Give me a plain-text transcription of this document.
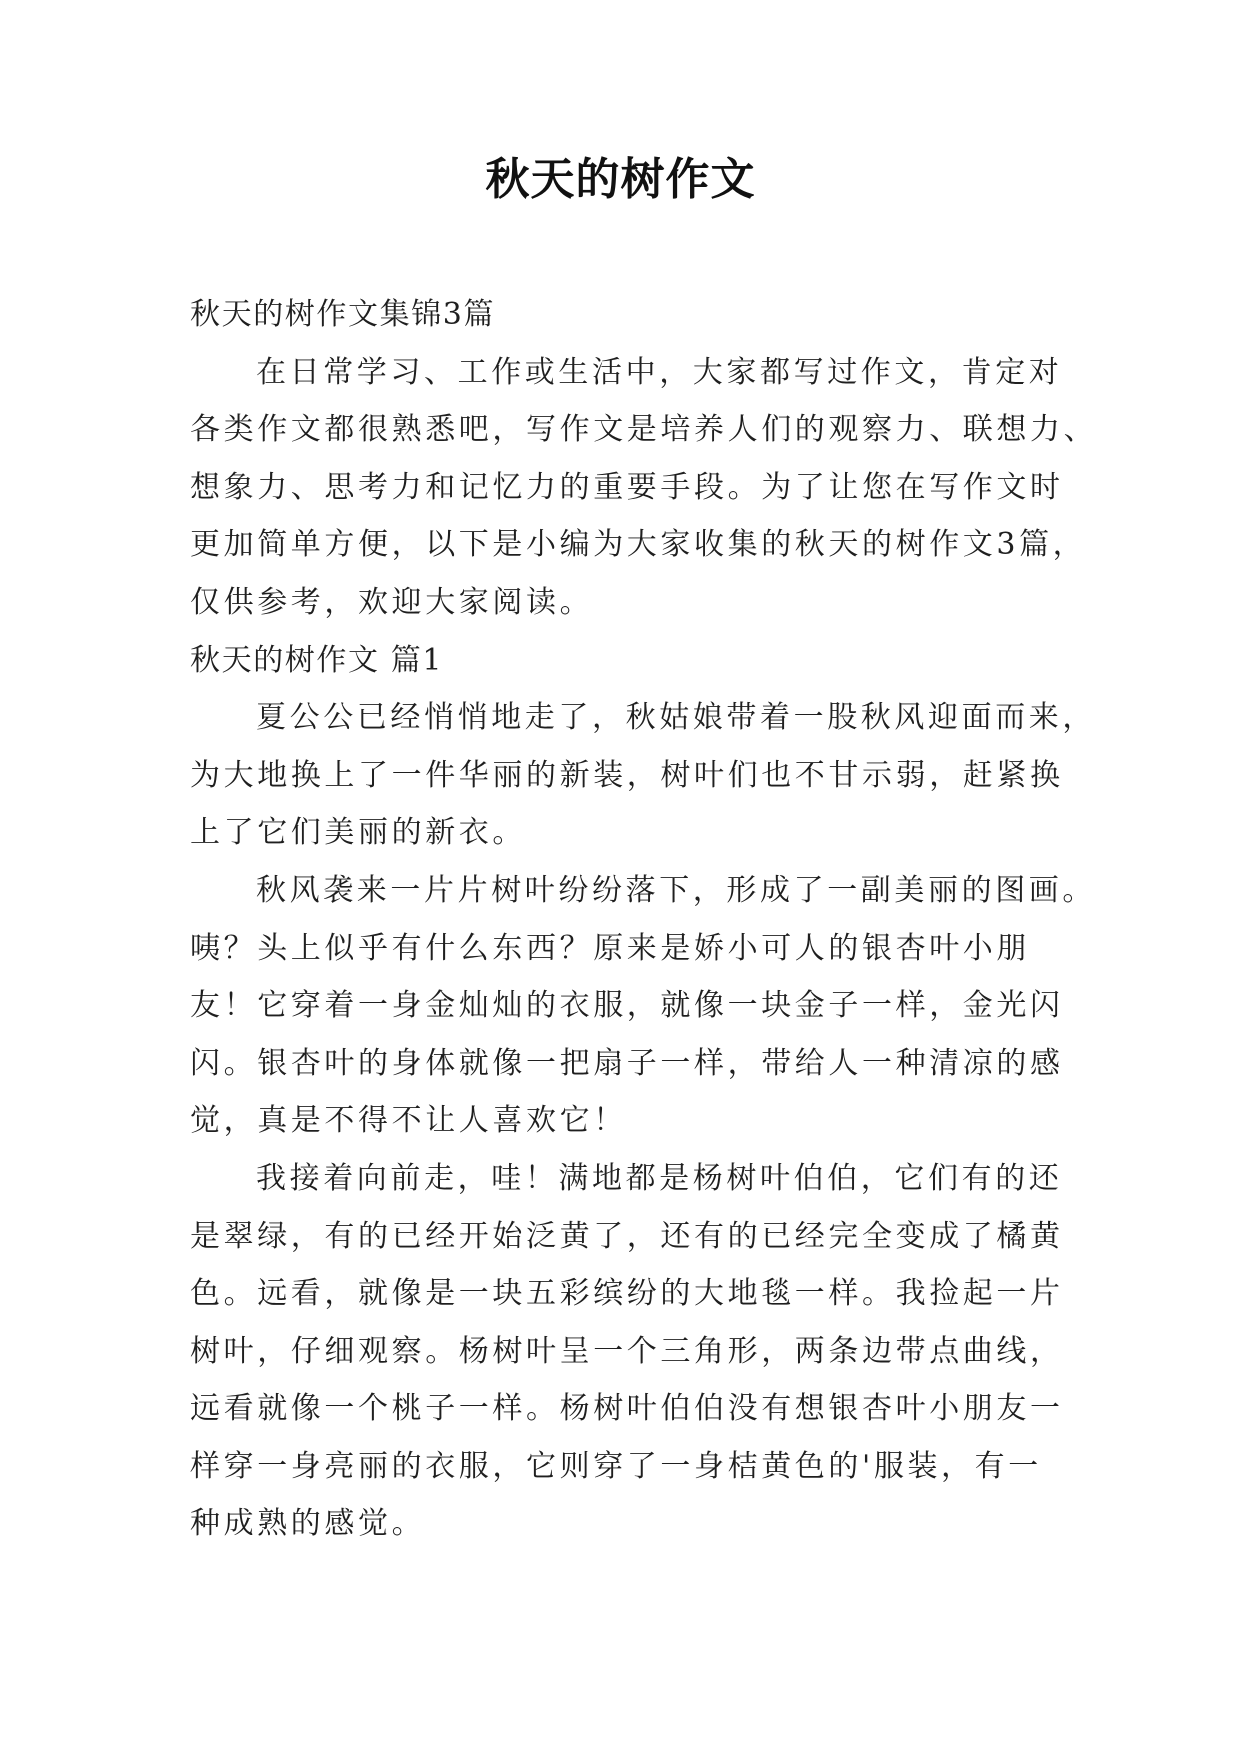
秋天的树作文
秋天的树作文集锦3篇
在日常学习、工作或生活中，大家都写过作文，肯定对
各类作文都很熟悉吧，写作文是培养人们的观察力、联想力、
想象力、思考力和记忆力的重要手段。为了让您在写作文时
更加简单方便，以下是小编为大家收集的秋天的树作文3篇，
仅供参考，欢迎大家阅读。
秋天的树作文 篇1
夏公公已经悄悄地走了，秋姑娘带着一股秋风迎面而来，
为大地换上了一件华丽的新装，树叶们也不甘示弱，赶紧换
上了它们美丽的新衣。
秋风袭来一片片树叶纷纷落下，形成了一副美丽的图画。
咦？头上似乎有什么东西？原来是娇小可人的银杏叶小朋
友！它穿着一身金灿灿的衣服，就像一块金子一样，金光闪
闪。银杏叶的身体就像一把扇子一样，带给人一种清凉的感
觉，真是不得不让人喜欢它！
我接着向前走，哇！满地都是杨树叶伯伯，它们有的还
是翠绿，有的已经开始泛黄了，还有的已经完全变成了橘黄
色。远看，就像是一块五彩缤纷的大地毯一样。我捡起一片
树叶，仔细观察。杨树叶呈一个三角形，两条边带点曲线，
远看就像一个桃子一样。杨树叶伯伯没有想银杏叶小朋友一
样穿一身亮丽的衣服，它则穿了一身桔黄色的'服装，有一
种成熟的感觉。
